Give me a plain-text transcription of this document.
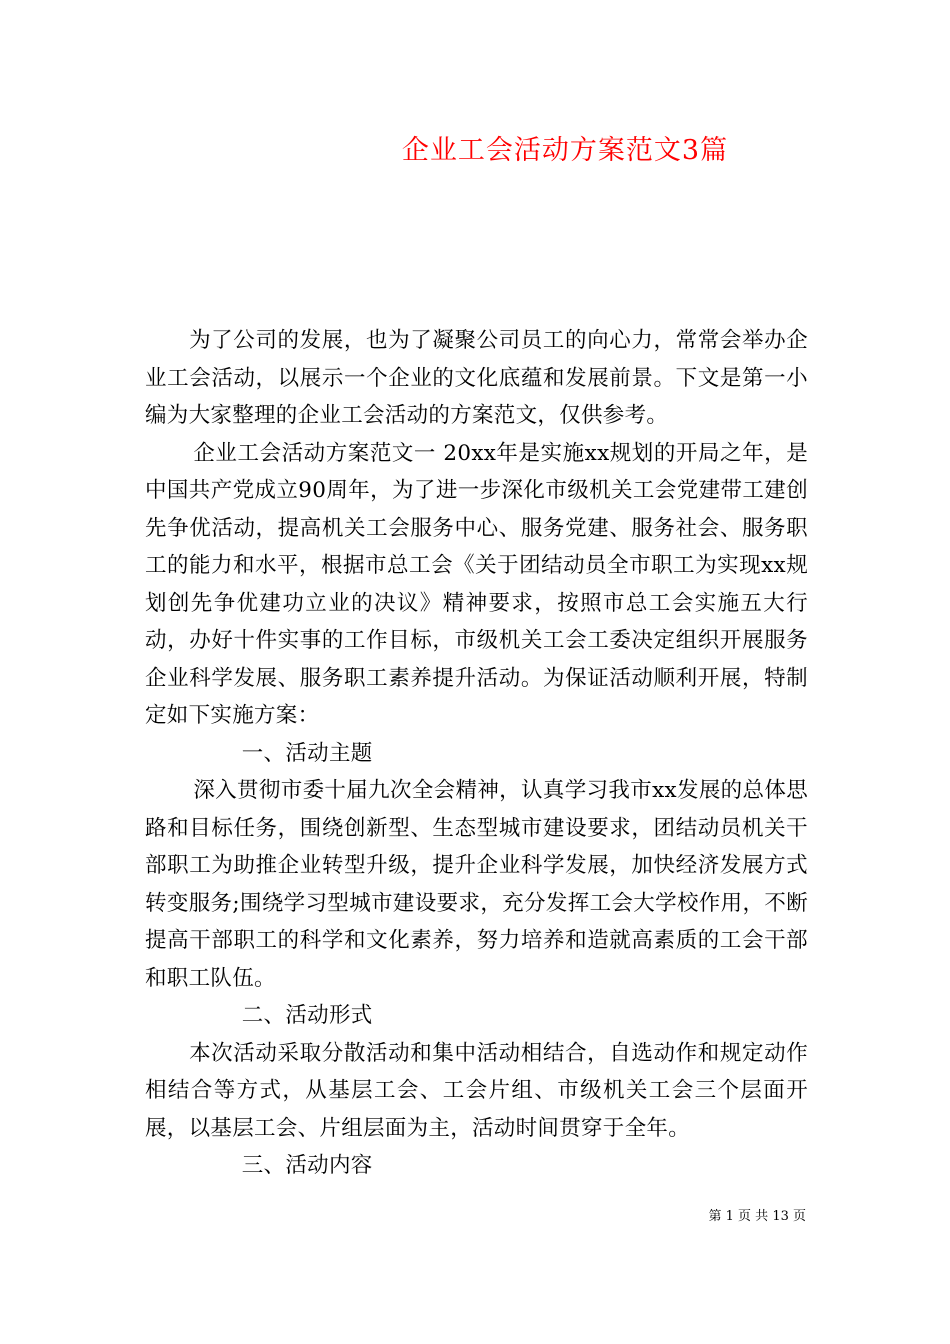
企业工会活动方案范文3篇

为了公司的发展，也为了凝聚公司员工的向心力，常常会举办企业工会活动，以展示一个企业的文化底蕴和发展前景。下文是第一小编为大家整理的企业工会活动的方案范文，仅供参考。

企业工会活动方案范文一 20xx年是实施xx规划的开局之年，是中国共产党成立90周年，为了进一步深化市级机关工会党建带工建创先争优活动，提高机关工会服务中心、服务党建、服务社会、服务职工的能力和水平，根据市总工会《关于团结动员全市职工为实现xx规划创先争优建功立业的决议》精神要求，按照市总工会实施五大行动，办好十件实事的工作目标，市级机关工会工委决定组织开展服务企业科学发展、服务职工素养提升活动。为保证活动顺利开展，特制定如下实施方案：

一、活动主题

深入贯彻市委十届九次全会精神，认真学习我市xx发展的总体思路和目标任务，围绕创新型、生态型城市建设要求，团结动员机关干部职工为助推企业转型升级，提升企业科学发展，加快经济发展方式转变服务;围绕学习型城市建设要求，充分发挥工会大学校作用，不断提高干部职工的科学和文化素养，努力培养和造就高素质的工会干部和职工队伍。

二、活动形式

本次活动采取分散活动和集中活动相结合，自选动作和规定动作相结合等方式，从基层工会、工会片组、市级机关工会三个层面开展，以基层工会、片组层面为主，活动时间贯穿于全年。

三、活动内容

第 1 页 共 13 页
